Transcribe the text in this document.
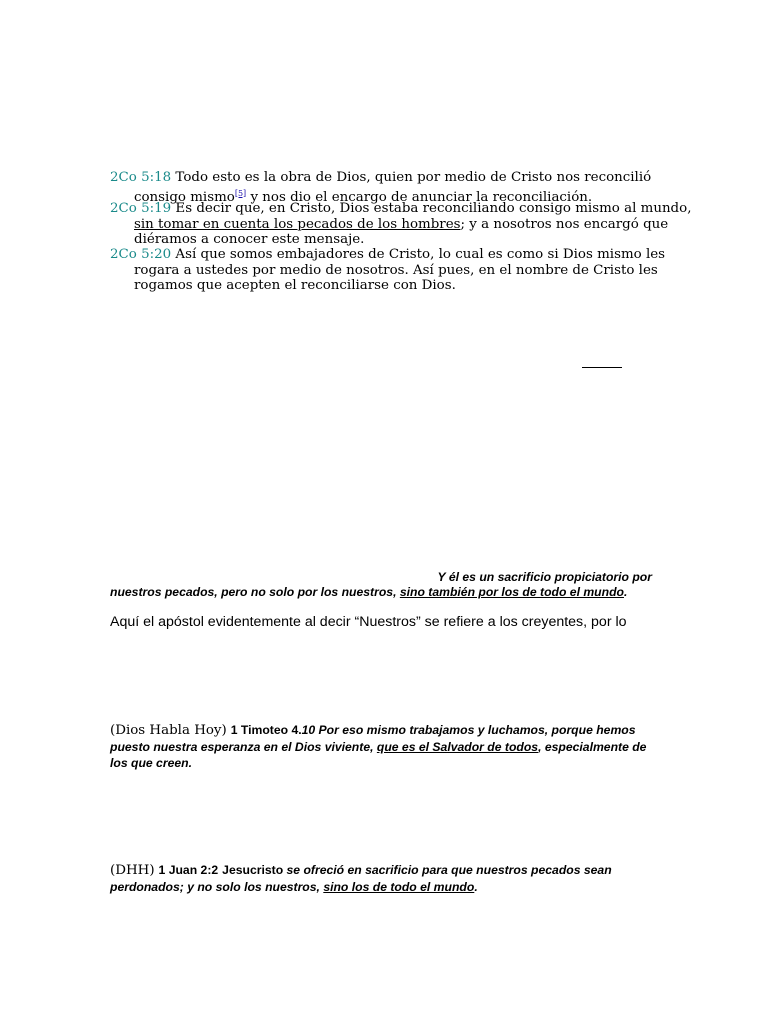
2Co 5:18 Todo esto es la obra de Dios, quien por medio de Cristo nos reconcilió consigo mismo[5] y nos dio el encargo de anunciar la reconciliación.
2Co 5:19 Es decir que, en Cristo, Dios estaba reconciliando consigo mismo al mundo, sin tomar en cuenta los pecados de los hombres; y a nosotros nos encargó que diéramos a conocer este mensaje.
2Co 5:20 Así que somos embajadores de Cristo, lo cual es como si Dios mismo les rogara a ustedes por medio de nosotros. Así pues, en el nombre de Cristo les rogamos que acepten el reconciliarse con Dios.
Y él es un sacrificio propiciatorio por
nuestros pecados, pero no solo por los nuestros, sino también por los de todo el mundo.
Aquí el apóstol evidentemente al decir “Nuestros” se refiere a los creyentes, por lo
(Dios Habla Hoy) 1 Timoteo 4.10 Por eso mismo trabajamos y luchamos, porque hemos puesto nuestra esperanza en el Dios viviente, que es el Salvador de todos, especialmente de los que creen.
(DHH) 1 Juan 2:2 Jesucristo se ofreció en sacrificio para que nuestros pecados sean perdonados; y no solo los nuestros, sino los de todo el mundo.
